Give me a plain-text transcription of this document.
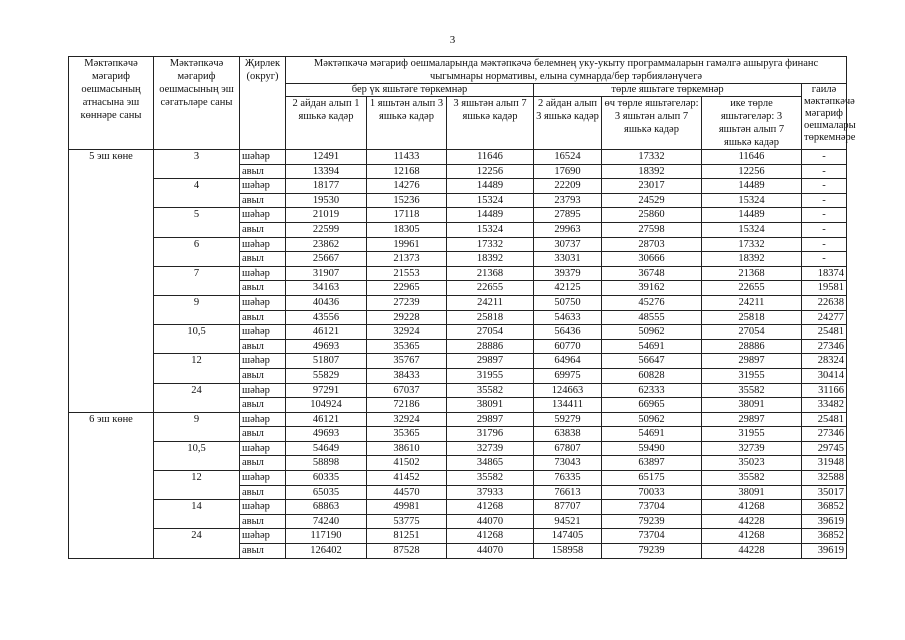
3
Мәктәпкәчә мәгариф оешмасының атнасына эш көннәре саны	Мәктәпкәчә мәгариф оешмасының эш сәгатьләре саны	Җирлек (округ)	Мәктәпкәчә мәгариф оешмаларында мәктәпкәчә белемнең уку-укыту программаларын гамәлгә ашыруга финанс чыгымнары нормативы, елына сумнарда/бер тәрбияләнүчегә						
			бер үк яшьтәге төркемнәр			төрле яшьтәге төркемнәр			гаилә мәктәпкәчә мәгариф оешмалары төркемнәре
			2 айдан алып 1 яшькә кадәр	1 яшьтән алып 3 яшькә кадәр	3 яшьтән алып 7 яшькә кадәр	2 айдан алып 3 яшькә кадәр	өч төрле яшьтәгеләр: 3 яшьтән алып 7 яшькә кадәр	ике төрле яшьтәгеләр: 3 яшьтән алып 7 яшькә кадәр	
5 эш көне	3	шәһәр	12491	11433	11646	16524	17332	11646	-
		авыл	13394	12168	12256	17690	18392	12256	-
	4	шәһәр	18177	14276	14489	22209	23017	14489	-
		авыл	19530	15236	15324	23793	24529	15324	-
	5	шәһәр	21019	17118	14489	27895	25860	14489	-
		авыл	22599	18305	15324	29963	27598	15324	-
	6	шәһәр	23862	19961	17332	30737	28703	17332	-
		авыл	25667	21373	18392	33031	30666	18392	-
	7	шәһәр	31907	21553	21368	39379	36748	21368	18374
		авыл	34163	22965	22655	42125	39162	22655	19581
	9	шәһәр	40436	27239	24211	50750	45276	24211	22638
		авыл	43556	29228	25818	54633	48555	25818	24277
	10,5	шәһәр	46121	32924	27054	56436	50962	27054	25481
		авыл	49693	35365	28886	60770	54691	28886	27346
	12	шәһәр	51807	35767	29897	64964	56647	29897	28324
		авыл	55829	38433	31955	69975	60828	31955	30414
	24	шәһәр	97291	67037	35582	124663	62333	35582	31166
		авыл	104924	72186	38091	134411	66965	38091	33482
6 эш көне	9	шәһәр	46121	32924	29897	59279	50962	29897	25481
		авыл	49693	35365	31796	63838	54691	31955	27346
	10,5	шәһәр	54649	38610	32739	67807	59490	32739	29745
		авыл	58898	41502	34865	73043	63897	35023	31948
	12	шәһәр	60335	41452	35582	76335	65175	35582	32588
		авыл	65035	44570	37933	76613	70033	38091	35017
	14	шәһәр	68863	49981	41268	87707	73704	41268	36852
		авыл	74240	53775	44070	94521	79239	44228	39619
	24	шәһәр	117190	81251	41268	147405	73704	41268	36852
		авыл	126402	87528	44070	158958	79239	44228	39619
